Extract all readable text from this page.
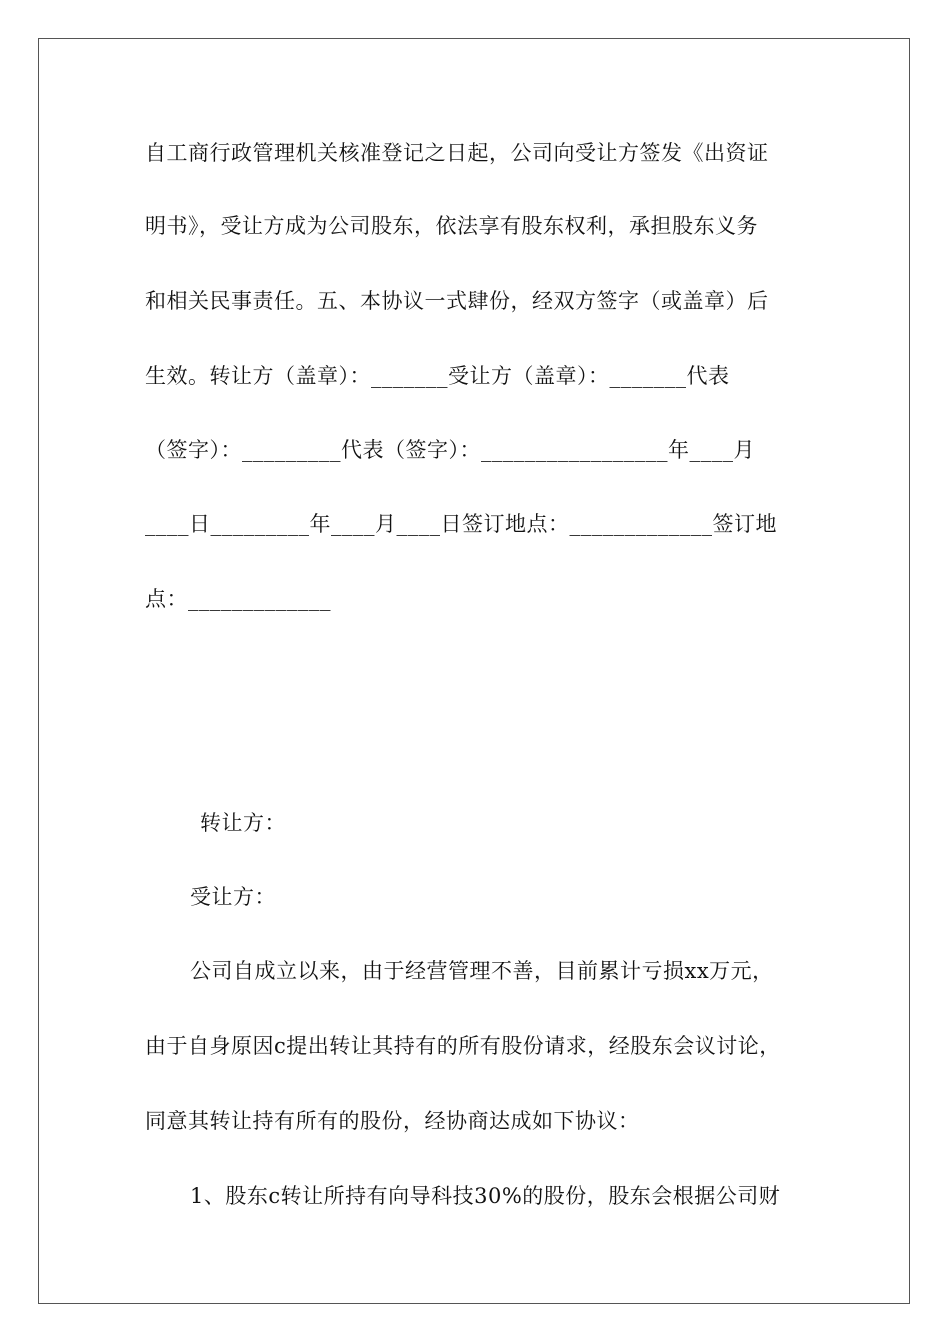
自工商行政管理机关核准登记之日起，公司向受让方签发《出资证
明书》，受让方成为公司股东，依法享有股东权利，承担股东义务
和相关民事责任。五、本协议一式肆份，经双方签字（或盖章）后
生效。转让方（盖章）：_______受让方（盖章）：_______代表
（签字）：_________代表（签字）：_________________年____月
____日_________年____月____日签订地点：_____________签订地
点：_____________
转让方：
受让方：
公司自成立以来，由于经营管理不善，目前累计亏损xx万元，
由于自身原因c提出转让其持有的所有股份请求，经股东会议讨论，
同意其转让持有所有的股份，经协商达成如下协议：
1、股东c转让所持有向导科技30%的股份，股东会根据公司财
